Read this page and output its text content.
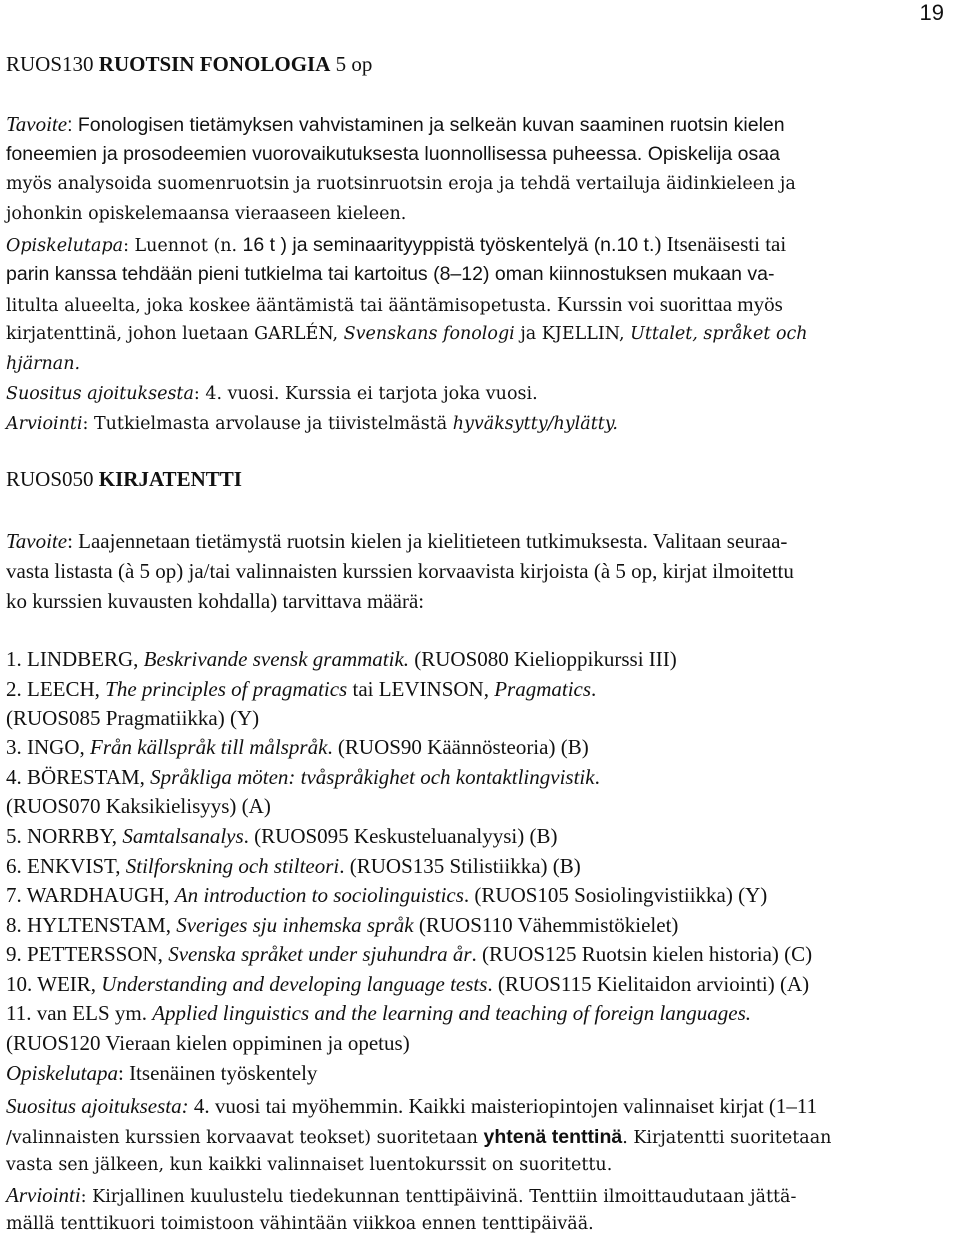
19
RUOS130 RUOTSIN FONOLOGIA 5 op
Tavoite: Fonologisen tietämyksen vahvistaminen ja selkeän kuvan saaminen ruotsin kielen
foneemien ja prosodeemien vuorovaikutuksesta luonnollisessa puheessa. Opiskelija osaa
myös analysoida suomenruotsin ja ruotsinruotsin eroja ja tehdä vertailuja äidinkieleen ja
johonkin opiskelemaansa vieraaseen kieleen.
Opiskelutapa: Luennot (n. 16 t ) ja seminaarityyppistä työskentelyä (n.10 t.) Itsenäisesti tai
parin kanssa tehdään pieni tutkielma tai kartoitus (8–12) oman kiinnostuksen mukaan va-
litulta alueelta, joka koskee ääntämistä tai ääntämisopetusta. Kurssin voi suorittaa myös
kirjatenttinä, johon luetaan GARLÉN, Svenskans fonologi ja KJELLIN, Uttalet, språket och
hjärnan.
Suositus ajoituksesta: 4. vuosi. Kurssia ei tarjota joka vuosi.
Arviointi: Tutkielmasta arvolause ja tiivistelmästä hyväksytty/hylätty.
RUOS050 KIRJATENTTI
Tavoite: Laajennetaan tietämystä ruotsin kielen ja kielitieteen tutkimuksesta. Valitaan seuraa-
vasta listasta (à 5 op) ja/tai valinnaisten kurssien korvaavista kirjoista (à 5 op, kirjat ilmoitettu
ko kurssien kuvausten kohdalla) tarvittava määrä:
1. LINDBERG, Beskrivande svensk grammatik. (RUOS080 Kielioppikurssi III)
2. LEECH, The principles of pragmatics tai LEVINSON, Pragmatics.
(RUOS085 Pragmatiikka) (Y)
3. INGO, Från källspråk till målspråk. (RUOS90 Käännösteoria) (B)
4. BÖRESTAM, Språkliga möten: tvåspråkighet och kontaktlingvistik.
(RUOS070 Kaksikielisyys) (A)
5. NORRBY, Samtalsanalys. (RUOS095 Keskusteluanalyysi) (B)
6. ENKVIST, Stilforskning och stilteori. (RUOS135 Stilistiikka) (B)
7. WARDHAUGH, An introduction to sociolinguistics. (RUOS105 Sosiolingvistiikka) (Y)
8. HYLTENSTAM, Sveriges sju inhemska språk (RUOS110 Vähemmistökielet)
9. PETTERSSON, Svenska språket under sjuhundra år. (RUOS125 Ruotsin kielen historia) (C)
10. WEIR, Understanding and developing language tests. (RUOS115 Kielitaidon arviointi) (A)
11. van ELS ym. Applied linguistics and the learning and teaching of foreign languages.
(RUOS120 Vieraan kielen oppiminen ja opetus)
Opiskelutapa: Itsenäinen työskentely
Suositus ajoituksesta: 4. vuosi tai myöhemmin. Kaikki maisteriopintojen valinnaiset kirjat (1–11
/valinnaisten kurssien korvaavat teokset) suoritetaan yhtenä tenttinä. Kirjatentti suoritetaan
vasta sen jälkeen, kun kaikki valinnaiset luentokurssit on suoritettu.
Arviointi: Kirjallinen kuulustelu tiedekunnan tenttipäivinä. Tenttiin ilmoittaudutaan jättä-
mällä tenttikuori toimistoon vähintään viikkoa ennen tenttipäivää.
